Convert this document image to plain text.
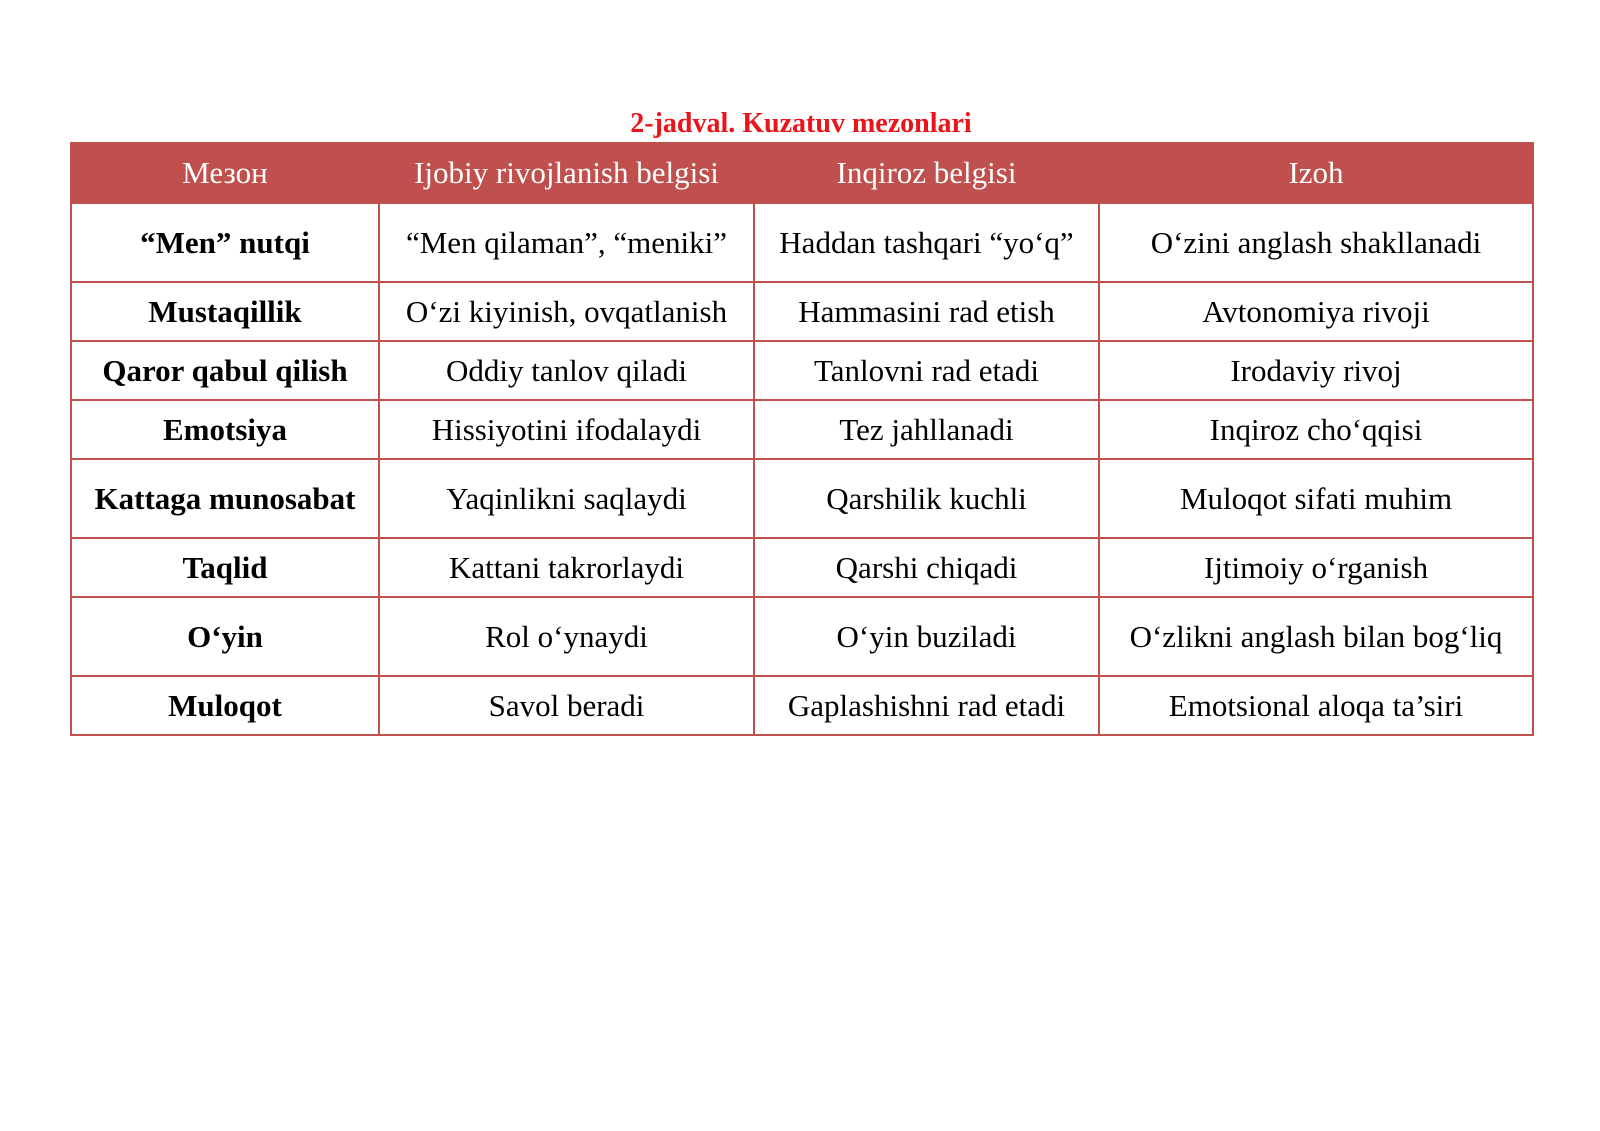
2-jadval. Kuzatuv mezonlari
Мезон	Ijobiy rivojlanish belgisi	Inqiroz belgisi	Izoh
“Men” nutqi	“Men qilaman”, “meniki”	Haddan tashqari “yo‘q”	O‘zini anglash shakllanadi
Mustaqillik	O‘zi kiyinish, ovqatlanish	Hammasini rad etish	Avtonomiya rivoji
Qaror qabul qilish	Oddiy tanlov qiladi	Tanlovni rad etadi	Irodaviy rivoj
Emotsiya	Hissiyotini ifodalaydi	Tez jahllanadi	Inqiroz cho‘qqisi
Kattaga munosabat	Yaqinlikni saqlaydi	Qarshilik kuchli	Muloqot sifati muhim
Taqlid	Kattani takrorlaydi	Qarshi chiqadi	Ijtimoiy o‘rganish
O‘yin	Rol o‘ynaydi	O‘yin buziladi	O‘zlikni anglash bilan bog‘liq
Muloqot	Savol beradi	Gaplashishni rad etadi	Emotsional aloqa ta’siri
